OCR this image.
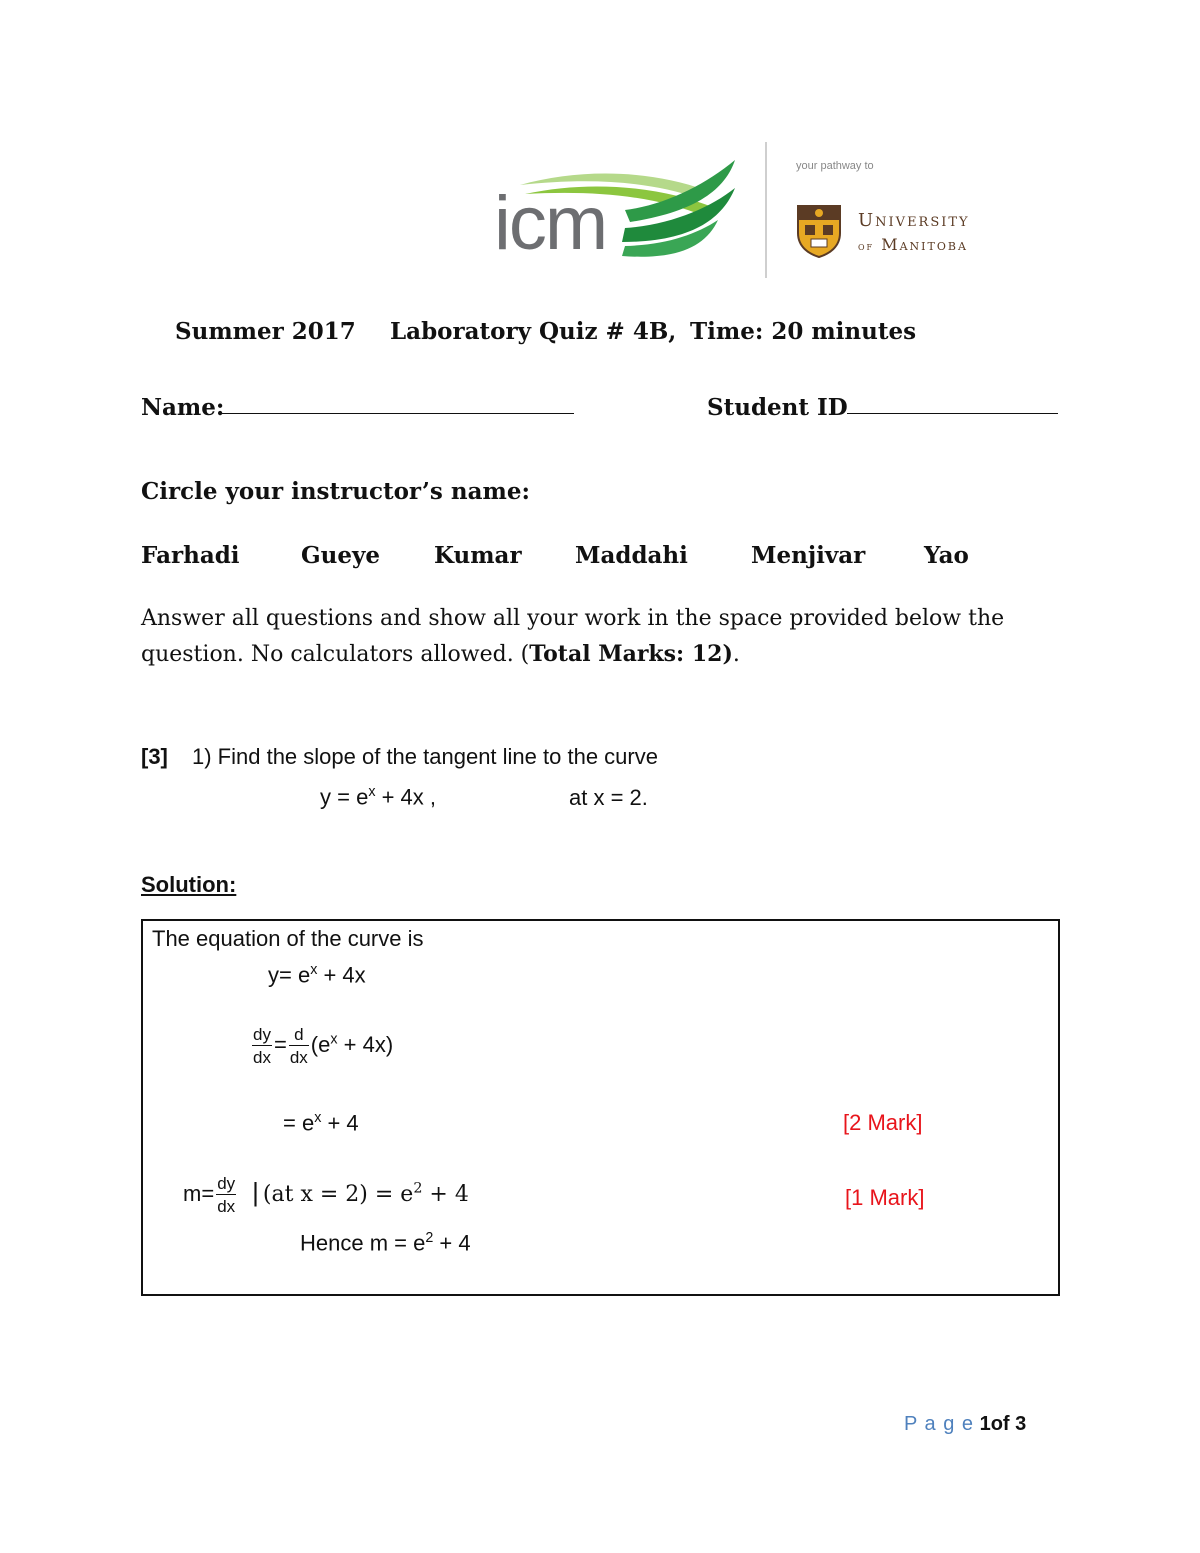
icm
your pathway to
University
of Manitoba
Summer 2017 Laboratory Quiz # 4B, Time: 20 minutes
Name:	Student ID
Circle your instructor’s name:
Farhadi	Gueye Kumar Maddahi	Menjivar	Yao
Answer all questions and show all your work in the space provided below the
question. No calculators allowed. (Total Marks: 12).
[3] 1) Find the slope of the tangent line to the curve
$y = e^x + 4x$ ,	at x = 2.
Solution:
The equation of the curve is
$y= e^x + 4x$
$\frac{dy}{dx} = \frac{d}{dx} (e^x + 4x)$
= $e^x + 4$	[2 Mark]
$m= \frac{dy}{dx}$ | (at $x = 2) = e^2 + 4$	[1 Mark]
Hence $m = e^2 + 4$
P a g e 1of 3
